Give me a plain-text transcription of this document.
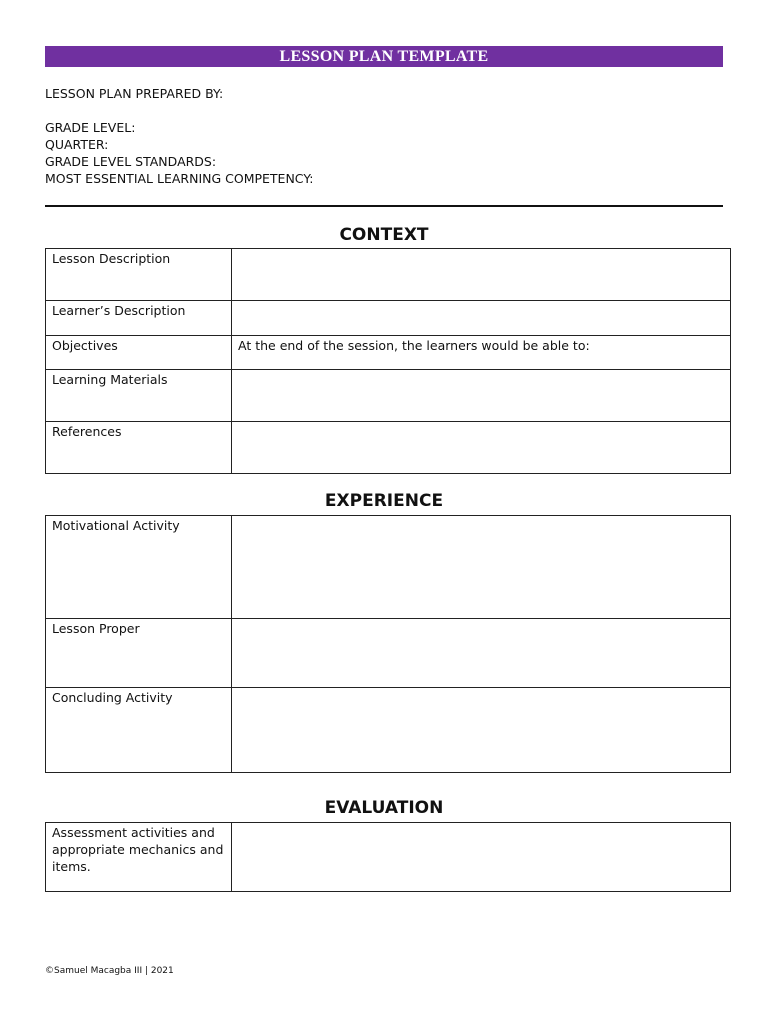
LESSON PLAN TEMPLATE
LESSON PLAN PREPARED BY:
GRADE LEVEL:
QUARTER:
GRADE LEVEL STANDARDS:
MOST ESSENTIAL LEARNING COMPETENCY:
CONTEXT
Lesson Description	
Learner’s Description	
Objectives	At the end of the session, the learners would be able to:
Learning Materials	
References	
EXPERIENCE
Motivational Activity	
Lesson Proper	
Concluding Activity	
EVALUATION
Assessment activities and appropriate mechanics and items.	
©Samuel Macagba III | 2021
